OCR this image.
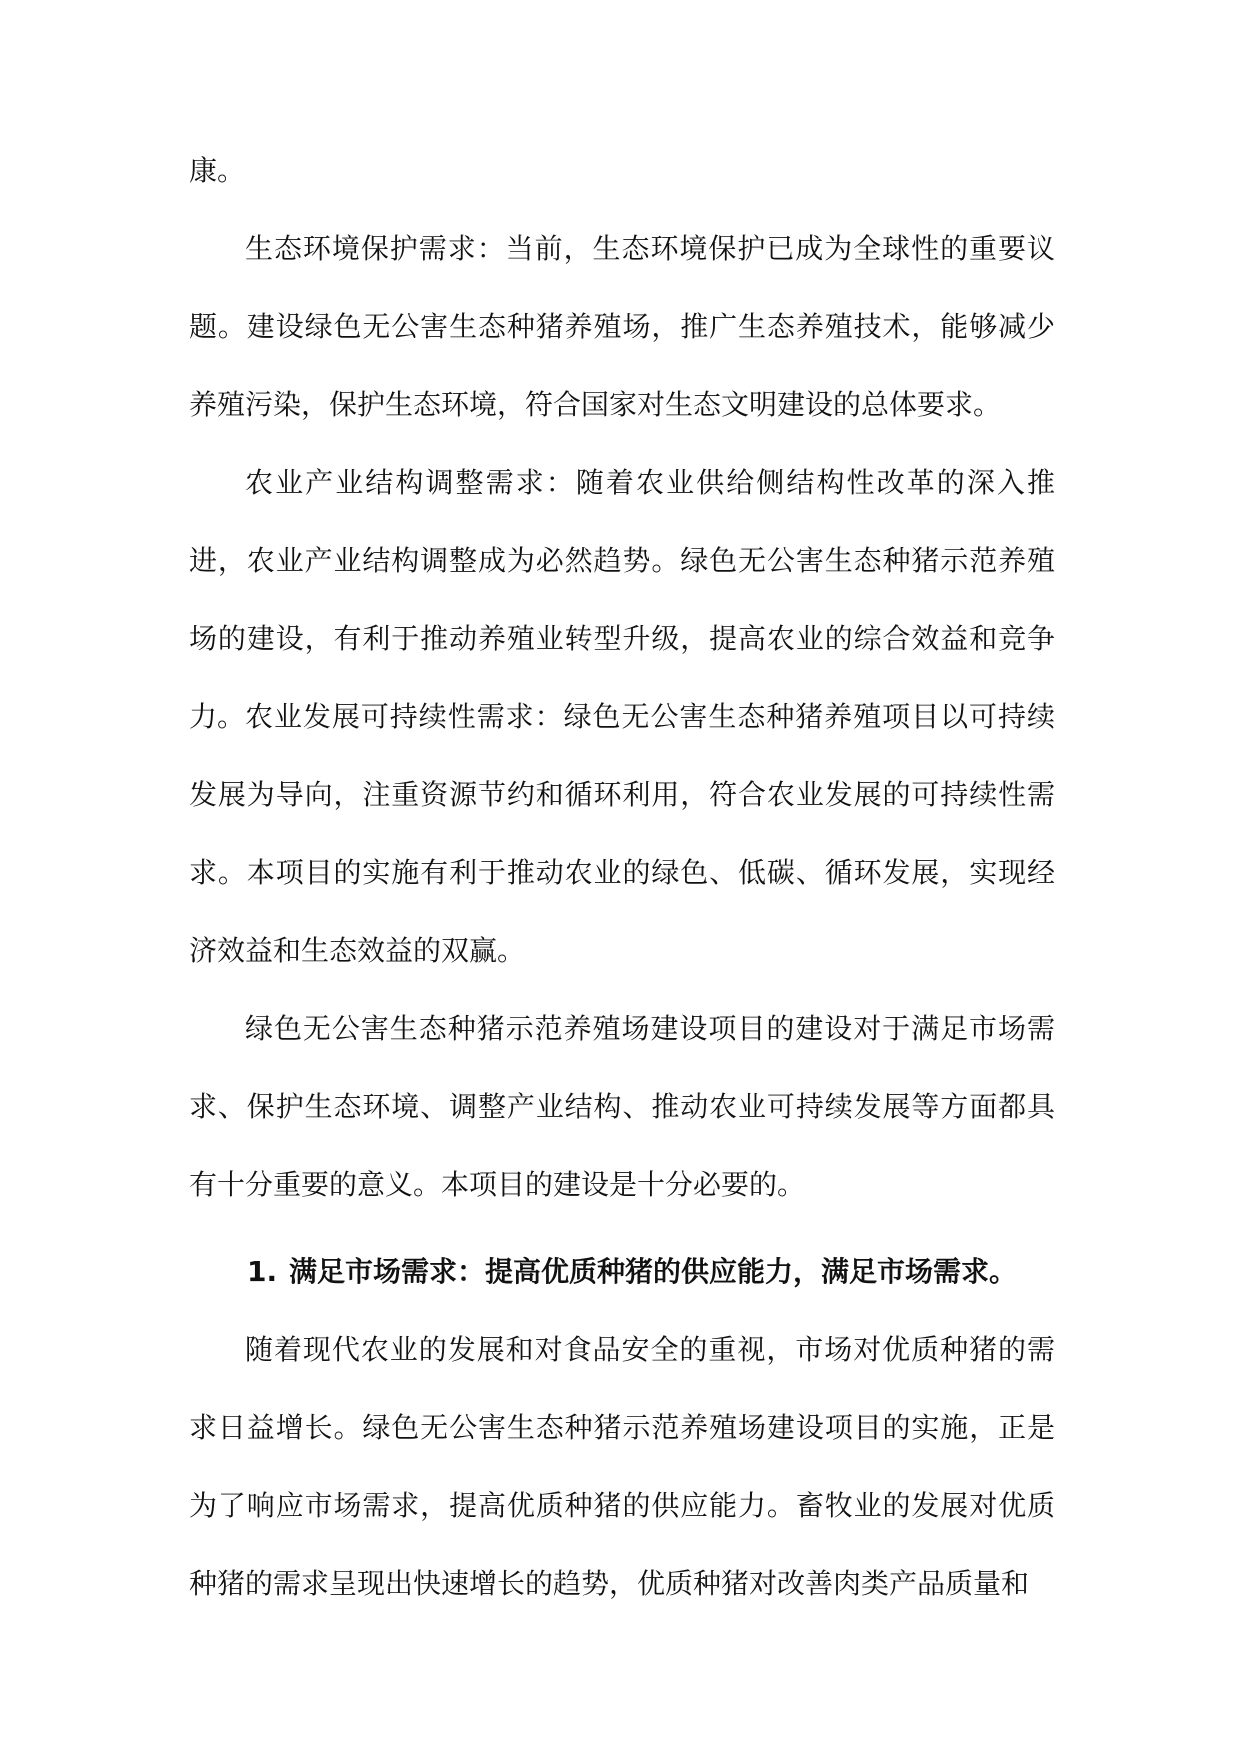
康。

生态环境保护需求：当前，生态环境保护已成为全球性的重要议题。建设绿色无公害生态种猪养殖场，推广生态养殖技术，能够减少养殖污染，保护生态环境，符合国家对生态文明建设的总体要求。

农业产业结构调整需求：随着农业供给侧结构性改革的深入推进，农业产业结构调整成为必然趋势。绿色无公害生态种猪示范养殖场的建设，有利于推动养殖业转型升级，提高农业的综合效益和竞争力。 农业发展可持续性需求：绿色无公害生态种猪养殖项目以可持续发展为导向，注重资源节约和循环利用，符合农业发展的可持续性需求。本项目的实施有利于推动农业的绿色、低碳、循环发展，实现经济效益和生态效益的双赢。

绿色无公害生态种猪示范养殖场建设项目的建设对于满足市场需求、保护生态环境、调整产业结构、推动农业可持续发展等方面都具有十分重要的意义。本项目的建设是十分必要的。

1. 满足市场需求：提高优质种猪的供应能力，满足市场需求。

随着现代农业的发展和对食品安全的重视，市场对优质种猪的需求日益增长。绿色无公害生态种猪示范养殖场建设项目的实施，正是为了响应市场需求，提高优质种猪的供应能力。畜牧业的发展对优质种猪的需求呈现出快速增长的趋势，优质种猪对改善肉类产品质量和
